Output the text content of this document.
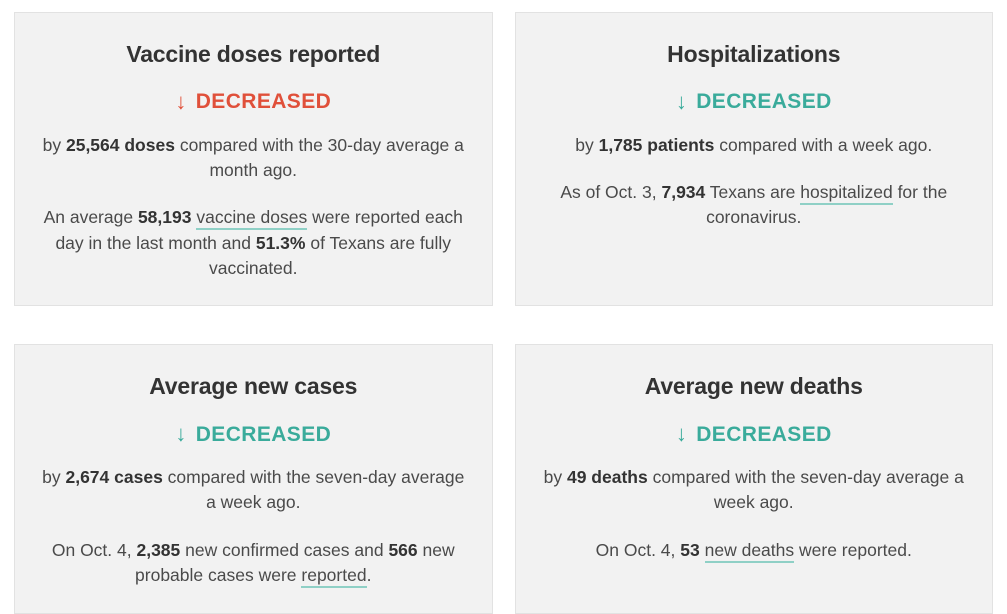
Vaccine doses reported
↓ DECREASED
by 25,564 doses compared with the 30-day average a month ago.
An average 58,193 vaccine doses were reported each day in the last month and 51.3% of Texans are fully vaccinated.
Hospitalizations
↓ DECREASED
by 1,785 patients compared with a week ago.
As of Oct. 3, 7,934 Texans are hospitalized for the coronavirus.
Average new cases
↓ DECREASED
by 2,674 cases compared with the seven-day average a week ago.
On Oct. 4, 2,385 new confirmed cases and 566 new probable cases were reported.
Average new deaths
↓ DECREASED
by 49 deaths compared with the seven-day average a week ago.
On Oct. 4, 53 new deaths were reported.
